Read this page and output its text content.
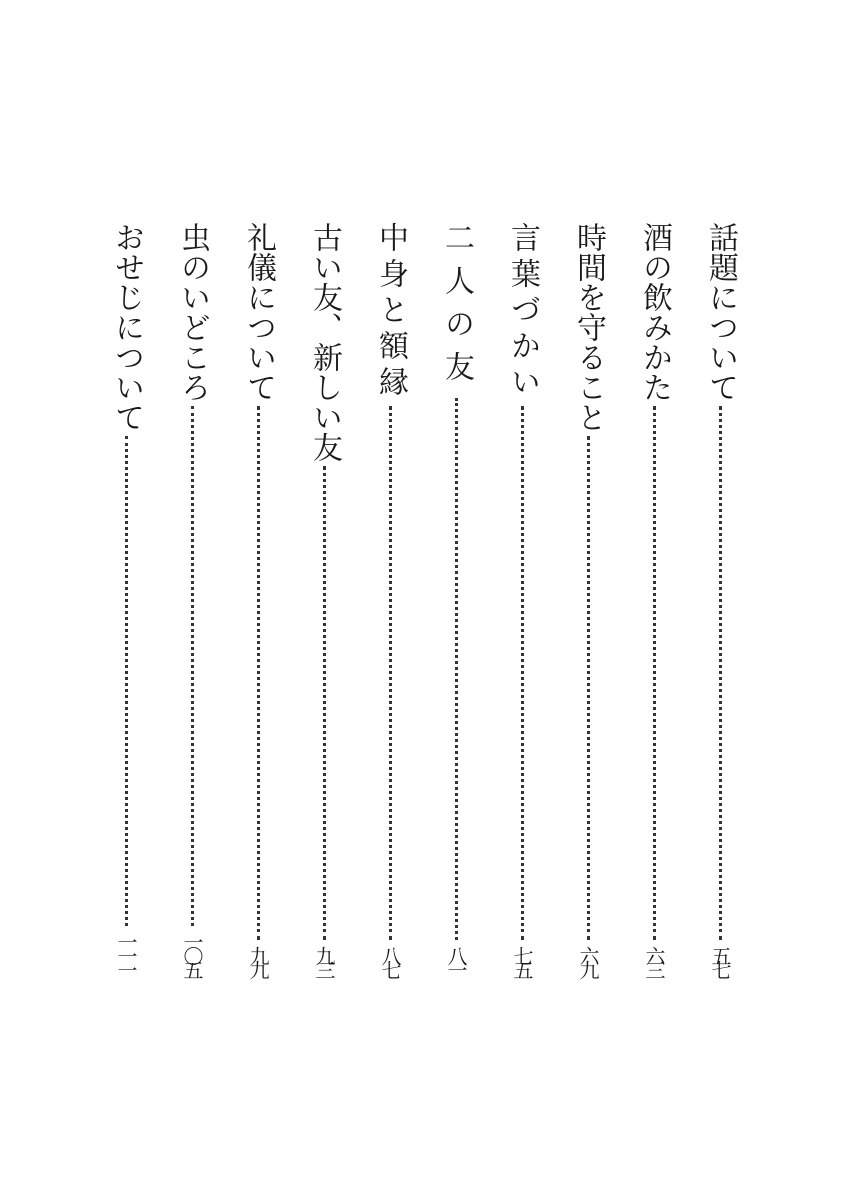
話題について
五七
酒の飲みかた
六三
時間を守ること
六九
言葉づかい
七五
二人の友
八一
中身と額縁
八七
古い友、新しい友
九三
礼儀について
九九
虫のいどころ
一〇五
おせじについて
一一一
